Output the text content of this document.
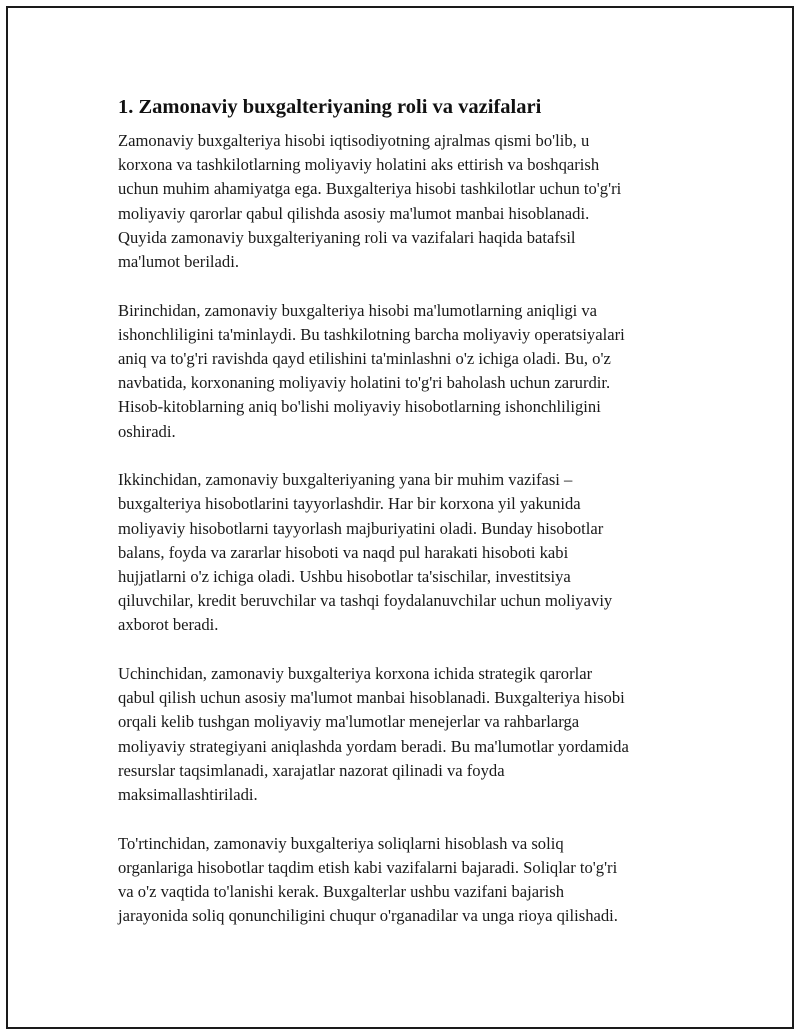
1. Zamonaviy buxgalteriyaning roli va vazifalari

Zamonaviy buxgalteriya hisobi iqtisodiyotning ajralmas qismi bo'lib, u
korxona va tashkilotlarning moliyaviy holatini aks ettirish va boshqarish
uchun muhim ahamiyatga ega. Buxgalteriya hisobi tashkilotlar uchun to'g'ri
moliyaviy qarorlar qabul qilishda asosiy ma'lumot manbai hisoblanadi.
Quyida zamonaviy buxgalteriyaning roli va vazifalari haqida batafsil
ma'lumot beriladi.

Birinchidan, zamonaviy buxgalteriya hisobi ma'lumotlarning aniqligi va
ishonchliligini ta'minlaydi. Bu tashkilotning barcha moliyaviy operatsiyalari
aniq va to'g'ri ravishda qayd etilishini ta'minlashni o'z ichiga oladi. Bu, o'z
navbatida, korxonaning moliyaviy holatini to'g'ri baholash uchun zarurdir.
Hisob-kitoblarning aniq bo'lishi moliyaviy hisobotlarning ishonchliligini
oshiradi.

Ikkinchidan, zamonaviy buxgalteriyaning yana bir muhim vazifasi –
buxgalteriya hisobotlarini tayyorlashdir. Har bir korxona yil yakunida
moliyaviy hisobotlarni tayyorlash majburiyatini oladi. Bunday hisobotlar
balans, foyda va zararlar hisoboti va naqd pul harakati hisoboti kabi
hujjatlarni o'z ichiga oladi. Ushbu hisobotlar ta'sischilar, investitsiya
qiluvchilar, kredit beruvchilar va tashqi foydalanuvchilar uchun moliyaviy
axborot beradi.

Uchinchidan, zamonaviy buxgalteriya korxona ichida strategik qarorlar
qabul qilish uchun asosiy ma'lumot manbai hisoblanadi. Buxgalteriya hisobi
orqali kelib tushgan moliyaviy ma'lumotlar menejerlar va rahbarlarga
moliyaviy strategiyani aniqlashda yordam beradi. Bu ma'lumotlar yordamida
resurslar taqsimlanadi, xarajatlar nazorat qilinadi va foyda
maksimallashtiriladi.

To'rtinchidan, zamonaviy buxgalteriya soliqlarni hisoblash va soliq
organlariga hisobotlar taqdim etish kabi vazifalarni bajaradi. Soliqlar to'g'ri
va o'z vaqtida to'lanishi kerak. Buxgalterlar ushbu vazifani bajarish
jarayonida soliq qonunchiligini chuqur o'rganadilar va unga rioya qilishadi.
